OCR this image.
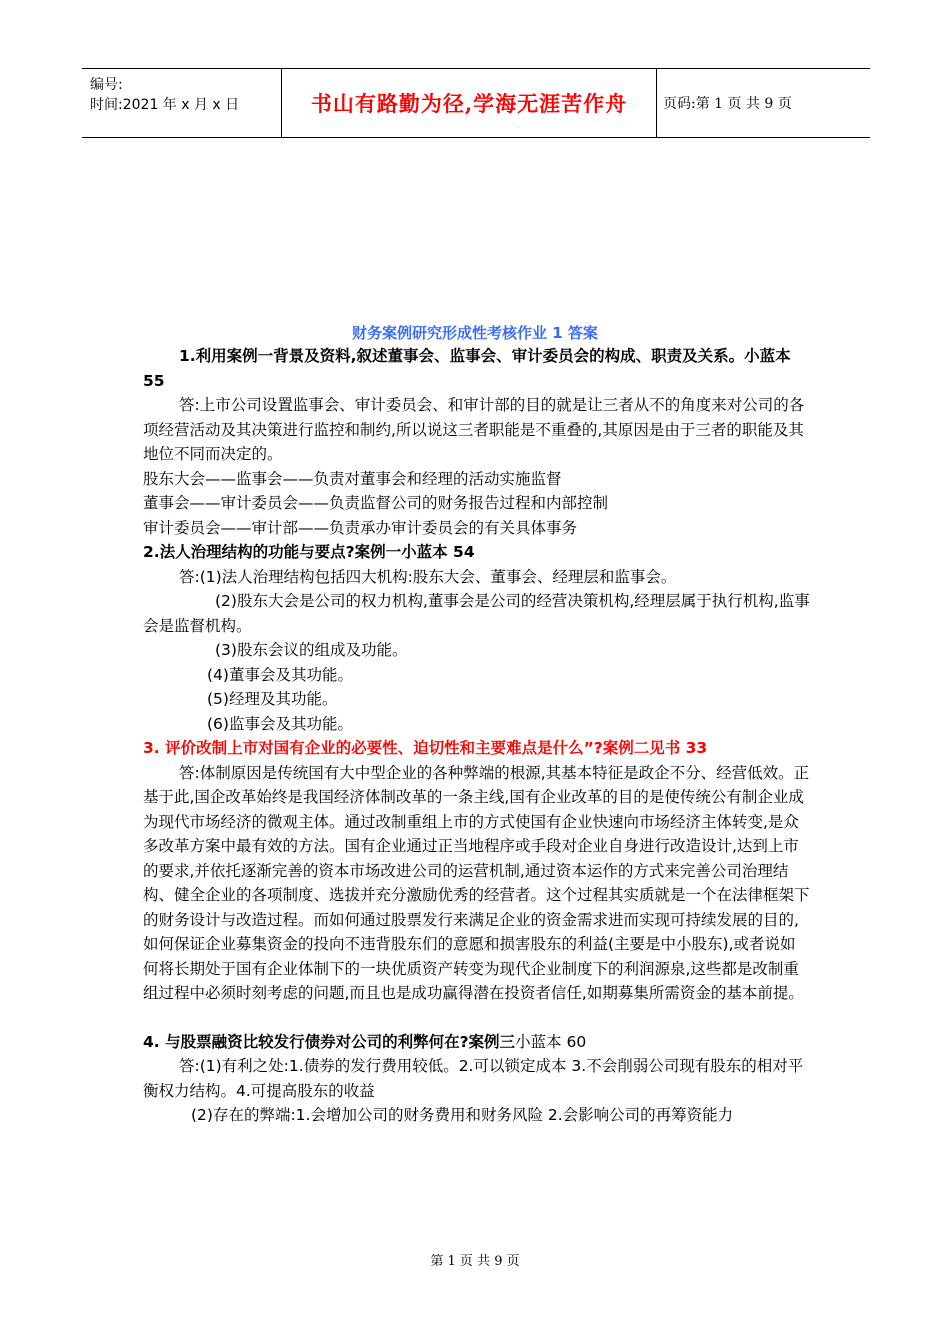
编号:
时间:2021 年 x 月 x 日	书山有路勤为径,学海无涯苦作舟	页码:第 1 页 共 9 页
财务案例研究形成性考核作业 1 答案

1.利用案例一背景及资料,叙述董事会、监事会、审计委员会的构成、职责及关系。小蓝本 55

答:上市公司设置监事会、审计委员会、和审计部的目的就是让三者从不的角度来对公司的各项经营活动及其决策进行监控和制约,所以说这三者职能是不重叠的,其原因是由于三者的职能及其地位不同而决定的。

股东大会——监事会——负责对董事会和经理的活动实施监督

董事会——审计委员会——负责监督公司的财务报告过程和内部控制

审计委员会——审计部——负责承办审计委员会的有关具体事务

2.法人治理结构的功能与要点?案例一小蓝本 54

答:(1)法人治理结构包括四大机构:股东大会、董事会、经理层和监事会。

(2)股东大会是公司的权力机构,董事会是公司的经营决策机构,经理层属于执行机构,监事会是监督机构。

(3)股东会议的组成及功能。

(4)董事会及其功能。

(5)经理及其功能。

(6)监事会及其功能。

3. 评价改制上市对国有企业的必要性、迫切性和主要难点是什么”?案例二见书 33

答:体制原因是传统国有大中型企业的各种弊端的根源,其基本特征是政企不分、经营低效。正基于此,国企改革始终是我国经济体制改革的一条主线,国有企业改革的目的是使传统公有制企业成为现代市场经济的微观主体。通过改制重组上市的方式使国有企业快速向市场经济主体转变,是众多改革方案中最有效的方法。国有企业通过正当地程序或手段对企业自身进行改造设计,达到上市的要求,并依托逐渐完善的资本市场改进公司的运营机制,通过资本运作的方式来完善公司治理结构、健全企业的各项制度、选拔并充分激励优秀的经营者。这个过程其实质就是一个在法律框架下的财务设计与改造过程。而如何通过股票发行来满足企业的资金需求进而实现可持续发展的目的,如何保证企业募集资金的投向不违背股东们的意愿和损害股东的利益(主要是中小股东),或者说如何将长期处于国有企业体制下的一块优质资产转变为现代企业制度下的利润源泉,这些都是改制重组过程中必须时刻考虑的问题,而且也是成功赢得潜在投资者信任,如期募集所需资金的基本前提。

4. 与股票融资比较发行债券对公司的利弊何在?案例三小蓝本 60

答:(1)有利之处:1.债券的发行费用较低。2.可以锁定成本 3.不会削弱公司现有股东的相对平衡权力结构。4.可提高股东的收益

(2)存在的弊端:1.会增加公司的财务费用和财务风险 2.会影响公司的再筹资能力

第 1 页 共 9 页
